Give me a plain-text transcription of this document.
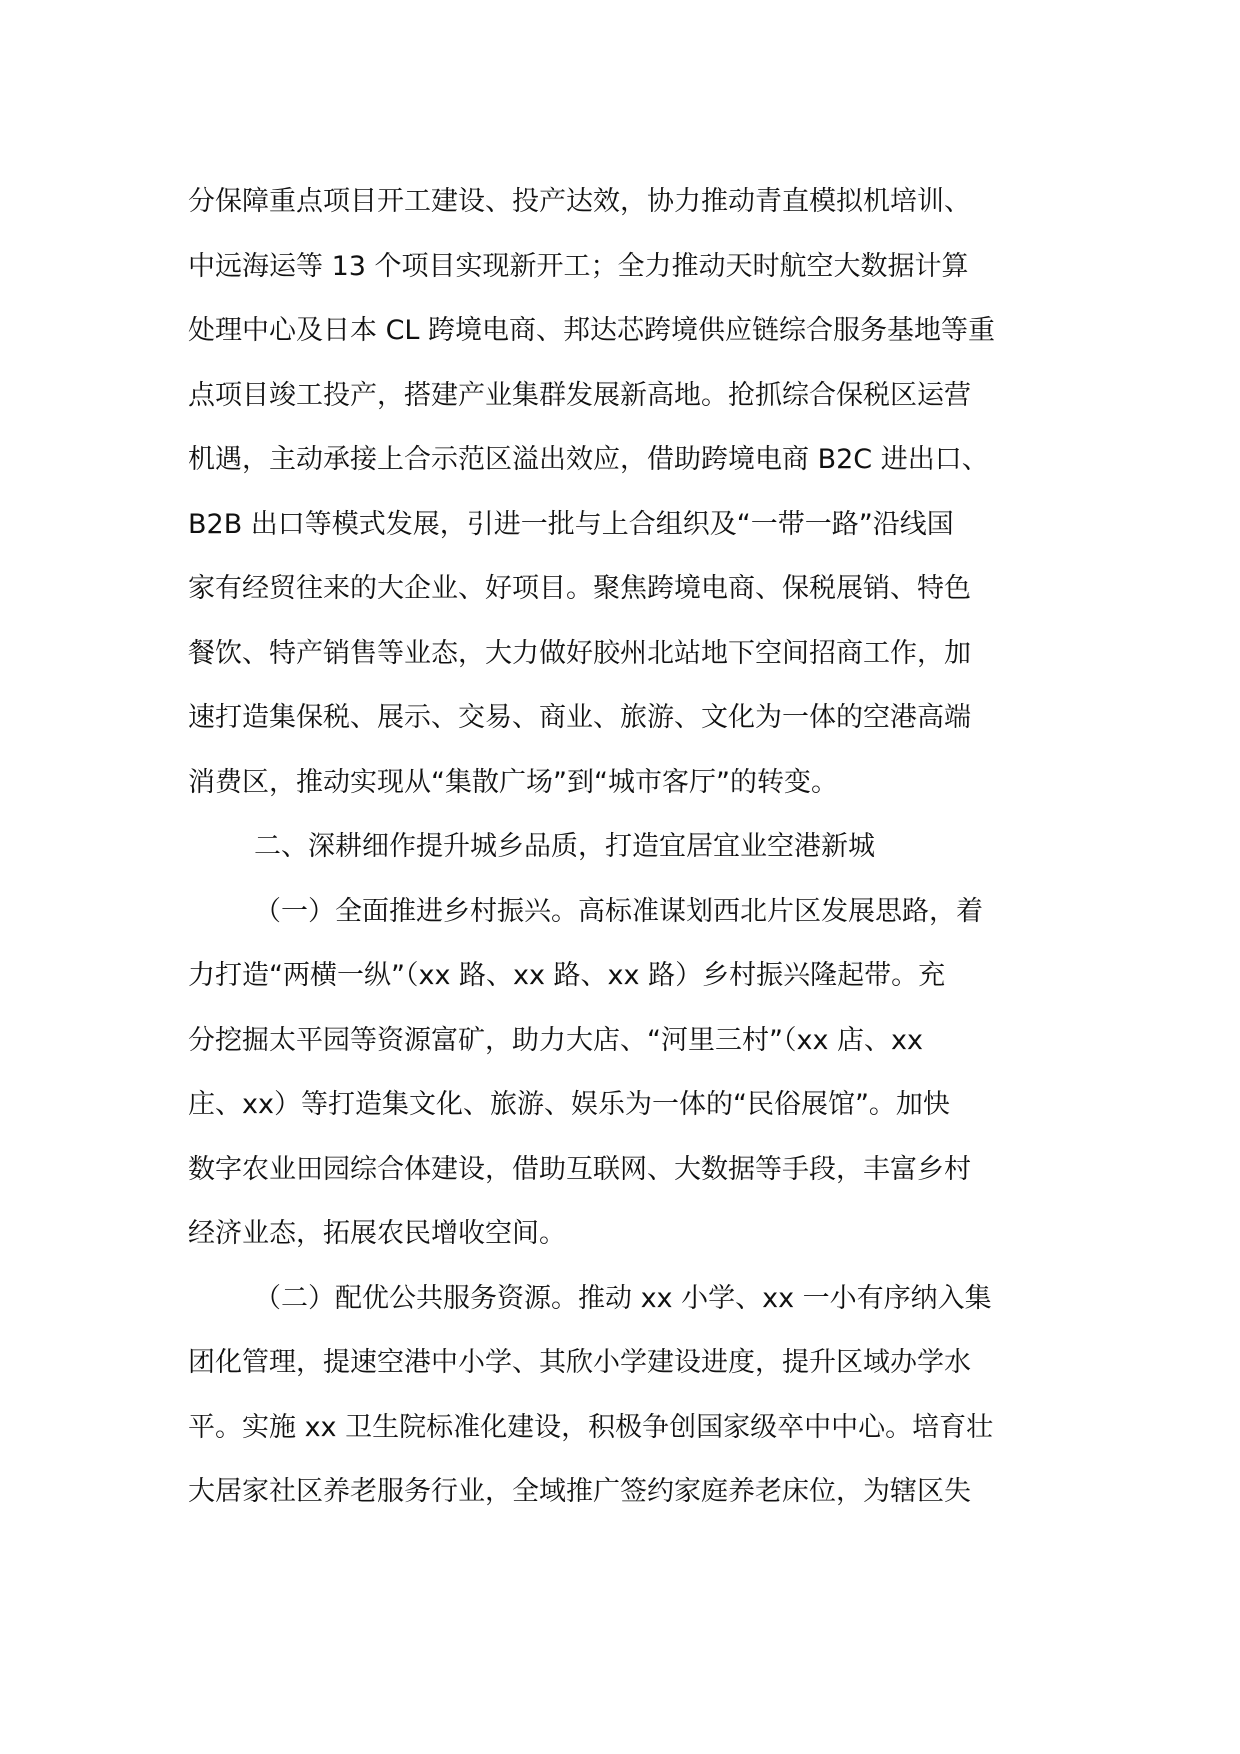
分保障重点项目开工建设、投产达效，协力推动青直模拟机培训、
中远海运等 13 个项目实现新开工；全力推动天时航空大数据计算
处理中心及日本 CL 跨境电商、邦达芯跨境供应链综合服务基地等重
点项目竣工投产，搭建产业集群发展新高地。抢抓综合保税区运营
机遇，主动承接上合示范区溢出效应，借助跨境电商 B2C 进出口、
B2B 出口等模式发展，引进一批与上合组织及“一带一路”沿线国
家有经贸往来的大企业、好项目。聚焦跨境电商、保税展销、特色
餐饮、特产销售等业态，大力做好胶州北站地下空间招商工作，加
速打造集保税、展示、交易、商业、旅游、文化为一体的空港高端
消费区，推动实现从“集散广场”到“城市客厅”的转变。
二、深耕细作提升城乡品质，打造宜居宜业空港新城
（一）全面推进乡村振兴。高标准谋划西北片区发展思路，着
力打造“两横一纵”（xx 路、xx 路、xx 路）乡村振兴隆起带。充
分挖掘太平园等资源富矿，助力大店、“河里三村”（xx 店、xx
庄、xx）等打造集文化、旅游、娱乐为一体的“民俗展馆”。加快
数字农业田园综合体建设，借助互联网、大数据等手段，丰富乡村
经济业态，拓展农民增收空间。
（二）配优公共服务资源。推动 xx 小学、xx 一小有序纳入集
团化管理，提速空港中小学、其欣小学建设进度，提升区域办学水
平。实施 xx 卫生院标准化建设，积极争创国家级卒中中心。培育壮
大居家社区养老服务行业，全域推广签约家庭养老床位，为辖区失
